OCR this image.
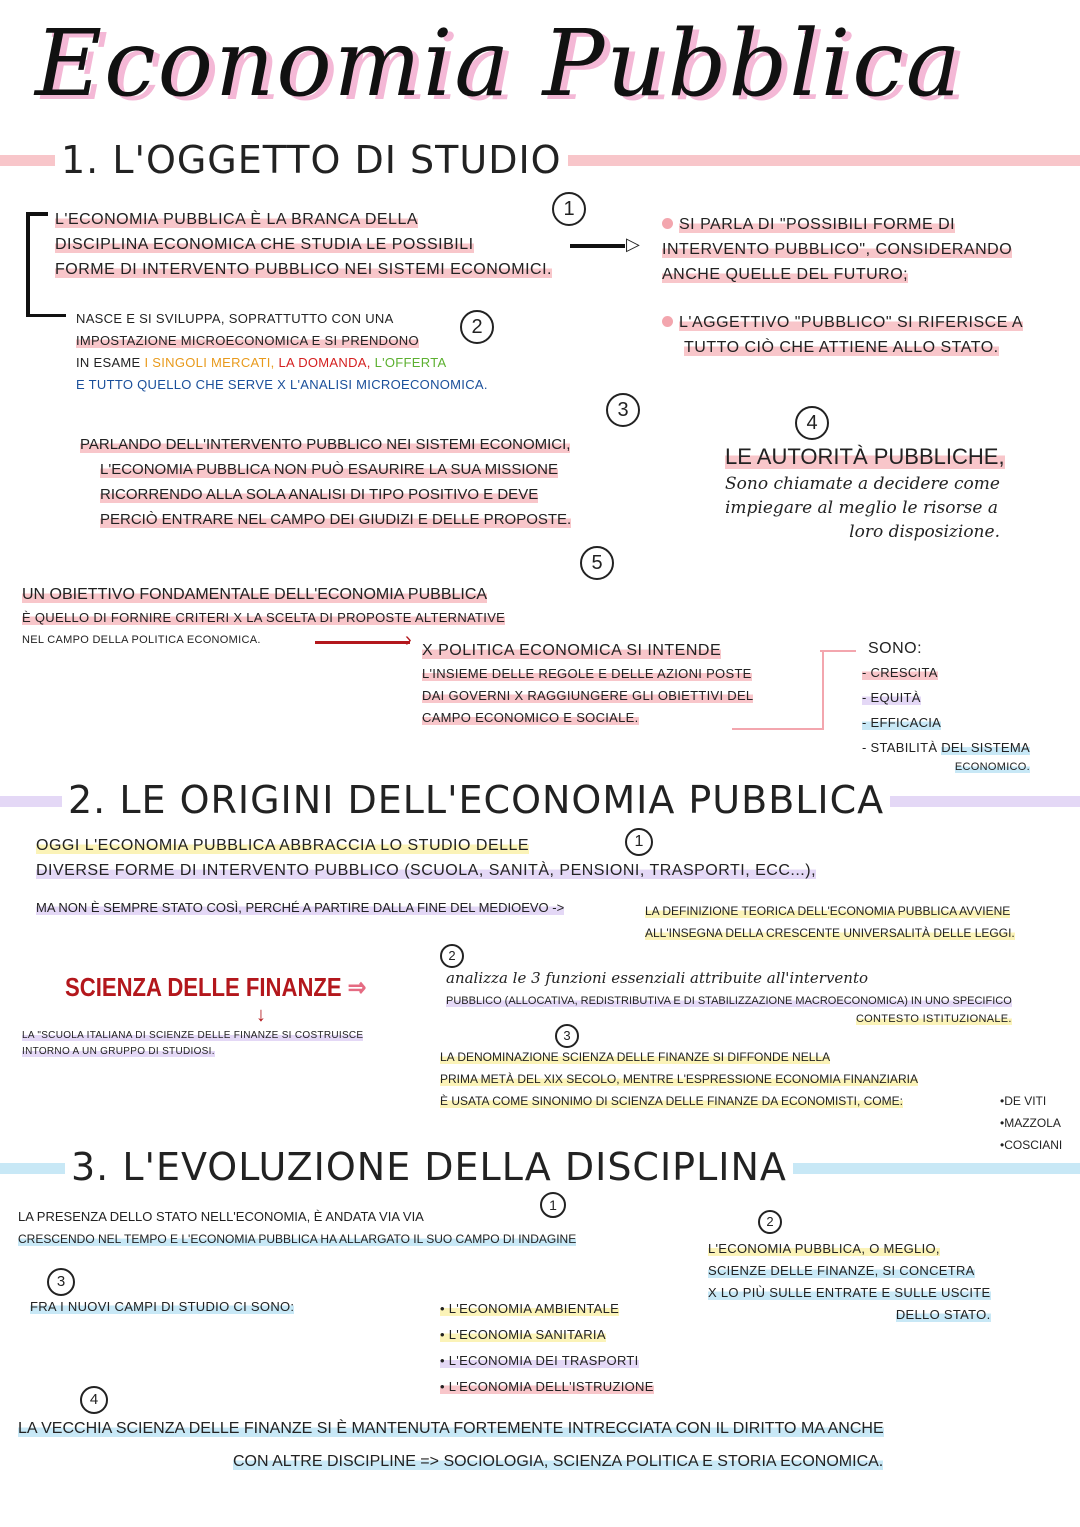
Economia Pubblica
1. L'OGGETTO DI STUDIO
1
L'ECONOMIA PUBBLICA È LA BRANCA DELLA
DISCIPLINA ECONOMICA CHE STUDIA LE POSSIBILI
FORME DI INTERVENTO PUBBLICO NEI SISTEMI ECONOMICI.
▷
2
NASCE E SI SVILUPPA, SOPRATTUTTO CON UNA
IMPOSTAZIONE MICROECONOMICA E SI PRENDONO
IN ESAME I SINGOLI MERCATI, LA DOMANDA, L'OFFERTA
E TUTTO QUELLO CHE SERVE X L'ANALISI MICROECONOMICA.
SI PARLA DI "POSSIBILI FORME DI
INTERVENTO PUBBLICO", CONSIDERANDO
ANCHE QUELLE DEL FUTURO;
L'AGGETTIVO "PUBBLICO" SI RIFERISCE A
TUTTO CIÒ CHE ATTIENE ALLO STATO.
3
PARLANDO DELL'INTERVENTO PUBBLICO NEI SISTEMI ECONOMICI,
L'ECONOMIA PUBBLICA NON PUÒ ESAURIRE LA SUA MISSIONE
RICORRENDO ALLA SOLA ANALISI DI TIPO POSITIVO E DEVE
PERCIÒ ENTRARE NEL CAMPO DEI GIUDIZI E DELLE PROPOSTE.
4
LE AUTORITÀ PUBBLICHE,
Sono chiamate a decidere come
impiegare al meglio le risorse a
loro disposizione.
5
UN OBIETTIVO FONDAMENTALE DELL'ECONOMIA PUBBLICA
È QUELLO DI FORNIRE CRITERI X LA SCELTA DI PROPOSTE ALTERNATIVE
NEL CAMPO DELLA POLITICA ECONOMICA.	› X POLITICA ECONOMICA SI INTENDE
L'INSIEME DELLE REGOLE E DELLE AZIONI POSTE
DAI GOVERNI X RAGGIUNGERE GLI OBIETTIVI DEL
CAMPO ECONOMICO E SOCIALE.
SONO:
- CRESCITA
- EQUITÀ
- EFFICACIA
- STABILITÀ DEL SISTEMA
ECONOMICO.
2. LE ORIGINI DELL'ECONOMIA PUBBLICA
1
OGGI L'ECONOMIA PUBBLICA ABBRACCIA LO STUDIO DELLE
DIVERSE FORME DI INTERVENTO PUBBLICO (SCUOLA, SANITÀ, PENSIONI, TRASPORTI, ECC...),
MA NON È SEMPRE STATO COSÌ, PERCHÉ A PARTIRE DALLA FINE DEL MEDIOEVO ->	LA DEFINIZIONE TEORICA DELL'ECONOMIA PUBBLICA AVVIENE
ALL'INSEGNA DELLA CRESCENTE UNIVERSALITÀ DELLE LEGGI.
2
SCIENZA DELLE FINANZE ⇒
↓
analizza le 3 funzioni essenziali attribuite all'intervento
PUBBLICO (ALLOCATIVA, REDISTRIBUTIVA E DI STABILIZZAZIONE MACROECONOMICA) IN UNO SPECIFICO
CONTESTO ISTITUZIONALE.
LA "SCUOLA ITALIANA DI SCIENZE DELLE FINANZE SI COSTRUISCE
INTORNO A UN GRUPPO DI STUDIOSI.
3
LA DENOMINAZIONE SCIENZA DELLE FINANZE SI DIFFONDE NELLA
PRIMA METÀ DEL XIX SECOLO, MENTRE L'ESPRESSIONE ECONOMIA FINANZIARIA
È USATA COME SINONIMO DI SCIENZA DELLE FINANZE DA ECONOMISTI, COME:	•DE VITI
•MAZZOLA
•COSCIANI
3. L'EVOLUZIONE DELLA DISCIPLINA
1
LA PRESENZA DELLO STATO NELL'ECONOMIA, È ANDATA VIA VIA
CRESCENDO NEL TEMPO E L'ECONOMIA PUBBLICA HA ALLARGATO IL SUO CAMPO DI INDAGINE
2
L'ECONOMIA PUBBLICA, O MEGLIO,
SCIENZE DELLE FINANZE, SI CONCETRA
X LO PIÙ SULLE ENTRATE E SULLE USCITE
DELLO STATO.
3
FRA I NUOVI CAMPI DI STUDIO CI SONO:	• L'ECONOMIA AMBIENTALE
• L'ECONOMIA SANITARIA
• L'ECONOMIA DEI TRASPORTI
• L'ECONOMIA DELL'ISTRUZIONE
4
LA VECCHIA SCIENZA DELLE FINANZE SI È MANTENUTA FORTEMENTE INTRECCIATA CON IL DIRITTO MA ANCHE
CON ALTRE DISCIPLINE => SOCIOLOGIA, SCIENZA POLITICA E STORIA ECONOMICA.
